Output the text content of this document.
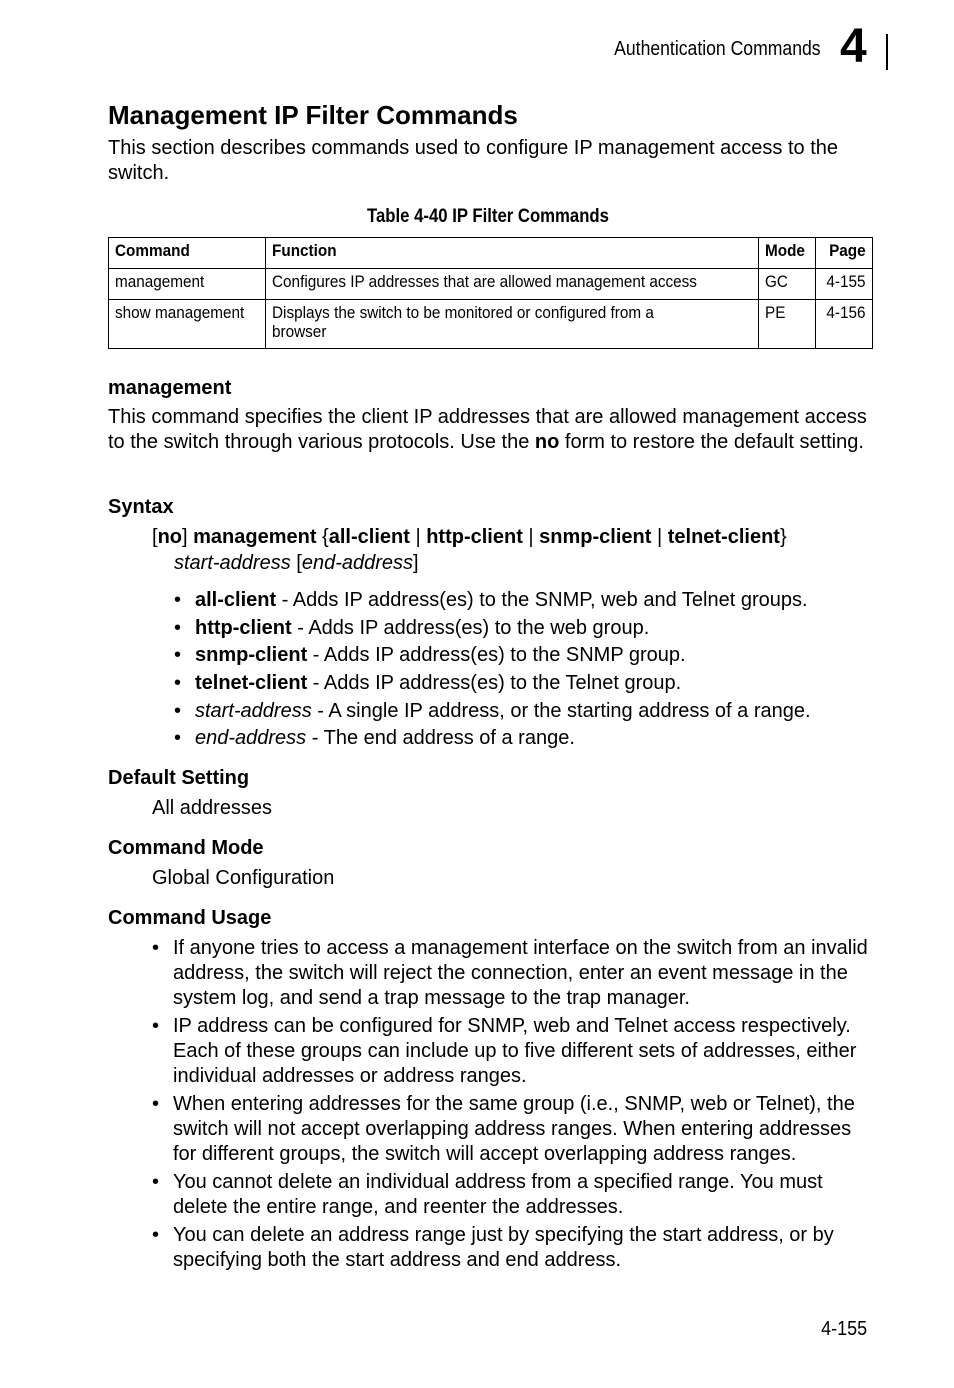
Authentication Commands 4
Management IP Filter Commands
This section describes commands used to configure IP management access to the switch.
Table 4-40 IP Filter Commands
Command	Function	Mode	Page
management	Configures IP addresses that are allowed management access	GC	4-155
show management	Displays the switch to be monitored or configured from a browser	PE	4-156
management
This command specifies the client IP addresses that are allowed management access to the switch through various protocols. Use the no form to restore the default setting.
Syntax
[no] management {all-client | http-client | snmp-client | telnet-client}
start-address [end-address]
• all-client - Adds IP address(es) to the SNMP, web and Telnet groups.
• http-client - Adds IP address(es) to the web group.
• snmp-client - Adds IP address(es) to the SNMP group.
• telnet-client - Adds IP address(es) to the Telnet group.
• start-address - A single IP address, or the starting address of a range.
• end-address - The end address of a range.
Default Setting
All addresses
Command Mode
Global Configuration
Command Usage
• If anyone tries to access a management interface on the switch from an invalid address, the switch will reject the connection, enter an event message in the system log, and send a trap message to the trap manager.
• IP address can be configured for SNMP, web and Telnet access respectively. Each of these groups can include up to five different sets of addresses, either individual addresses or address ranges.
• When entering addresses for the same group (i.e., SNMP, web or Telnet), the switch will not accept overlapping address ranges. When entering addresses for different groups, the switch will accept overlapping address ranges.
• You cannot delete an individual address from a specified range. You must delete the entire range, and reenter the addresses.
• You can delete an address range just by specifying the start address, or by specifying both the start address and end address.
4-155
